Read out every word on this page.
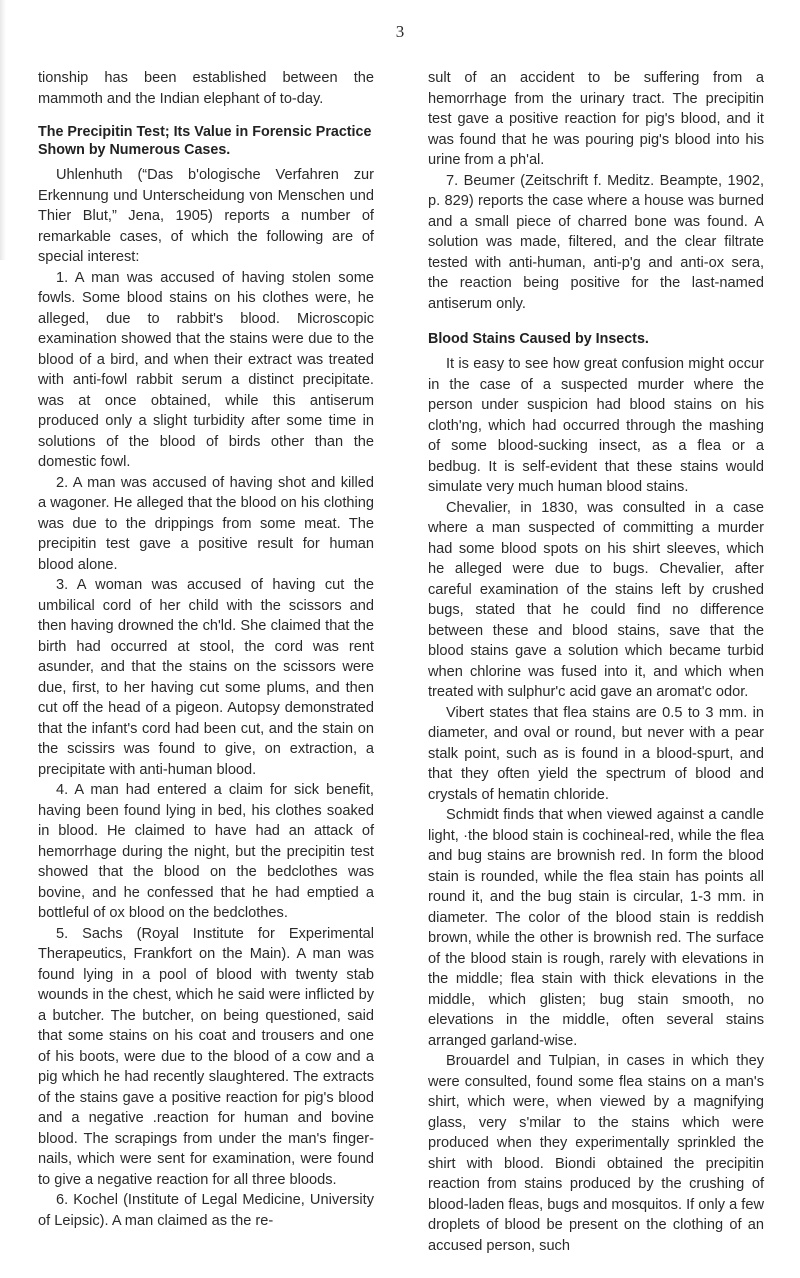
3

tionship has been established between the mammoth and the Indian elephant of to-day.

The Precipitin Test; Its Value in Forensic Practice Shown by Numerous Cases.

Uhlenhuth (“Das b'ologische Verfahren zur Erkennung und Unterscheidung von Menschen und Thier Blut,” Jena, 1905) reports a number of remarkable cases, of which the following are of special interest:

1. A man was accused of having stolen some fowls. Some blood stains on his clothes were, he alleged, due to rabbit's blood. Microscopic examination showed that the stains were due to the blood of a bird, and when their extract was treated with anti-fowl rabbit serum a distinct precipitate. was at once obtained, while this antiserum produced only a slight turbidity after some time in solutions of the blood of birds other than the domestic fowl.

2. A man was accused of having shot and killed a wagoner. He alleged that the blood on his clothing was due to the drippings from some meat. The precipitin test gave a positive result for human blood alone.

3. A woman was accused of having cut the umbilical cord of her child with the scissors and then having drowned the ch'ld. She claimed that the birth had occurred at stool, the cord was rent asunder, and that the stains on the scissors were due, first, to her having cut some plums, and then cut off the head of a pigeon. Autopsy demonstrated that the infant's cord had been cut, and the stain on the scissirs was found to give, on extraction, a precipitate with anti-human blood.

4. A man had entered a claim for sick benefit, having been found lying in bed, his clothes soaked in blood. He claimed to have had an attack of hemorrhage during the night, but the precipitin test showed that the blood on the bedclothes was bovine, and he confessed that he had emptied a bottleful of ox blood on the bedclothes.

5. Sachs (Royal Institute for Experimental Therapeutics, Frankfort on the Main). A man was found lying in a pool of blood with twenty stab wounds in the chest, which he said were inflicted by a butcher. The butcher, on being questioned, said that some stains on his coat and trousers and one of his boots, were due to the blood of a cow and a pig which he had recently slaughtered. The extracts of the stains gave a positive reaction for pig's blood and a negative .reaction for human and bovine blood. The scrapings from under the man's finger-nails, which were sent for examination, were found to give a negative reaction for all three bloods.

6. Kochel (Institute of Legal Medicine, University of Leipsic). A man claimed as the re-

sult of an accident to be suffering from a hemorrhage from the urinary tract. The precipitin test gave a positive reaction for pig's blood, and it was found that he was pouring pig's blood into his urine from a ph'al.

7. Beumer (Zeitschrift f. Meditz. Beampte, 1902, p. 829) reports the case where a house was burned and a small piece of charred bone was found. A solution was made, filtered, and the clear filtrate tested with anti-human, anti-p'g and anti-ox sera, the reaction being positive for the last-named antiserum only.

Blood Stains Caused by Insects.

It is easy to see how great confusion might occur in the case of a suspected murder where the person under suspicion had blood stains on his cloth'ng, which had occurred through the mashing of some blood-sucking insect, as a flea or a bedbug. It is self-evident that these stains would simulate very much human blood stains.

Chevalier, in 1830, was consulted in a case where a man suspected of committing a murder had some blood spots on his shirt sleeves, which he alleged were due to bugs. Chevalier, after careful examination of the stains left by crushed bugs, stated that he could find no difference between these and blood stains, save that the blood stains gave a solution which became turbid when chlorine was fused into it, and which when treated with sulphur'c acid gave an aromat'c odor.

Vibert states that flea stains are 0.5 to 3 mm. in diameter, and oval or round, but never with a pear stalk point, such as is found in a blood-spurt, and that they often yield the spectrum of blood and crystals of hematin chloride.

Schmidt finds that when viewed against a candle light, ·the blood stain is cochineal-red, while the flea and bug stains are brownish red. In form the blood stain is rounded, while the flea stain has points all round it, and the bug stain is circular, 1-3 mm. in diameter. The color of the blood stain is reddish brown, while the other is brownish red. The surface of the blood stain is rough, rarely with elevations in the middle; flea stain with thick elevations in the middle, which glisten; bug stain smooth, no elevations in the middle, often several stains arranged garland-wise.

Brouardel and Tulpian, in cases in which they were consulted, found some flea stains on a man's shirt, which were, when viewed by a magnifying glass, very s'milar to the stains which were produced when they experimentally sprinkled the shirt with blood. Biondi obtained the precipitin reaction from stains produced by the crushing of blood-laden fleas, bugs and mosquitos. If only a few droplets of blood be present on the clothing of an accused person, such
